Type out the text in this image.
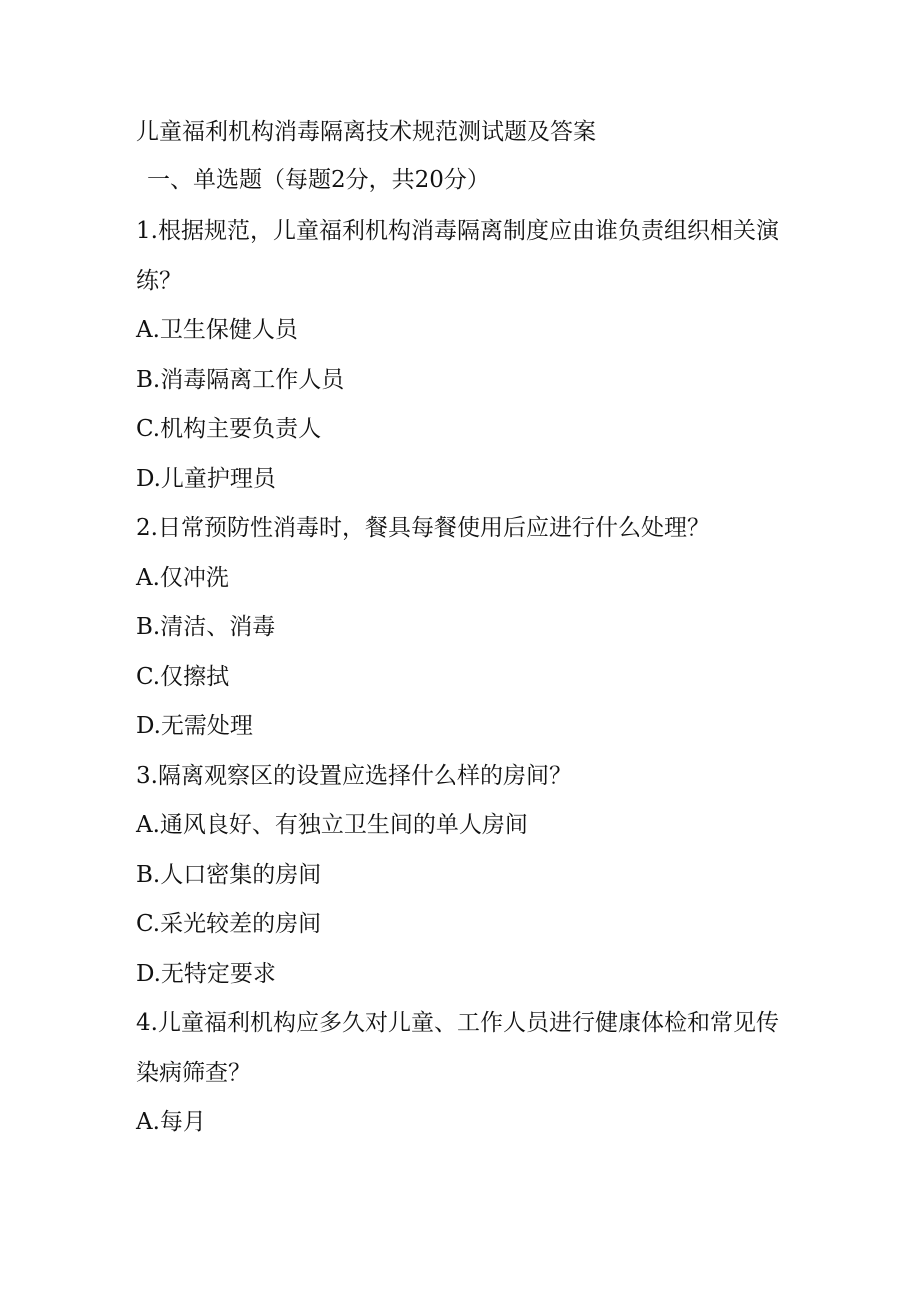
儿童福利机构消毒隔离技术规范测试题及答案
一、单选题（每题2分，共20分）
1.根据规范，儿童福利机构消毒隔离制度应由谁负责组织相关演练？
A.卫生保健人员
B.消毒隔离工作人员
C.机构主要负责人
D.儿童护理员
2.日常预防性消毒时，餐具每餐使用后应进行什么处理？
A.仅冲洗
B.清洁、消毒
C.仅擦拭
D.无需处理
3.隔离观察区的设置应选择什么样的房间？
A.通风良好、有独立卫生间的单人房间
B.人口密集的房间
C.采光较差的房间
D.无特定要求
4.儿童福利机构应多久对儿童、工作人员进行健康体检和常见传染病筛查？
A.每月
